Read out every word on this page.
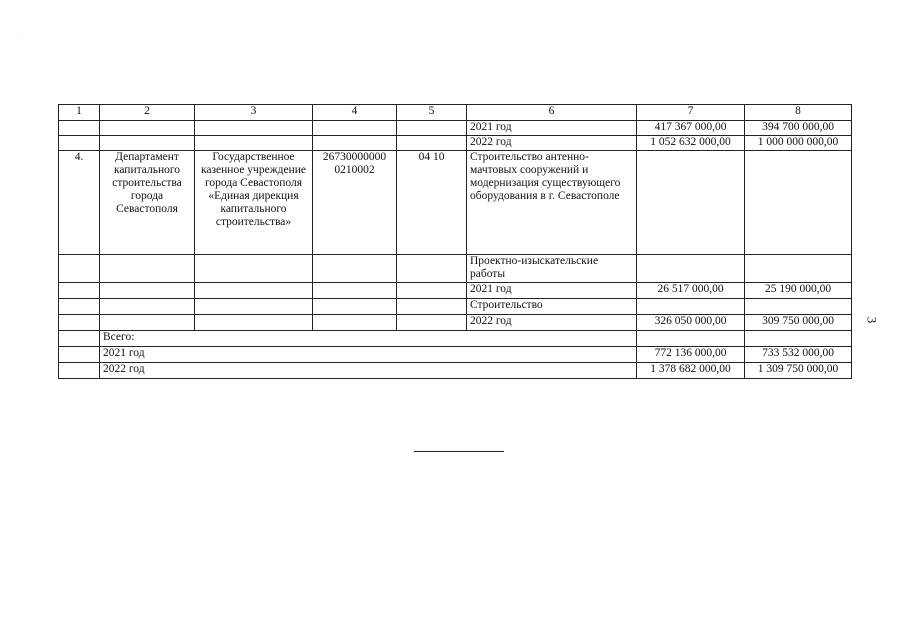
·
1	2	3	4	5	6	7	8
					2021 год	417 367 000,00	394 700 000,00
					2022 год	1 052 632 000,00	1 000 000 000,00
4.	Департамент капитального строительства города Севастополя	Государственное казенное учреждение города Севастополя «Единая дирекция капитального строительства»	26730000000 0210002	04 10	Строительство антенно-мачтовых сооружений и модернизация существующего оборудования в г. Севастополе		
					Проектно-изыскательские работы		
					2021 год	26 517 000,00	25 190 000,00
					Строительство		
					2022 год	326 050 000,00	309 750 000,00
	Всего:						
	2021 год					772 136 000,00	733 532 000,00
	2022 год					1 378 682 000,00	1 309 750 000,00
3
